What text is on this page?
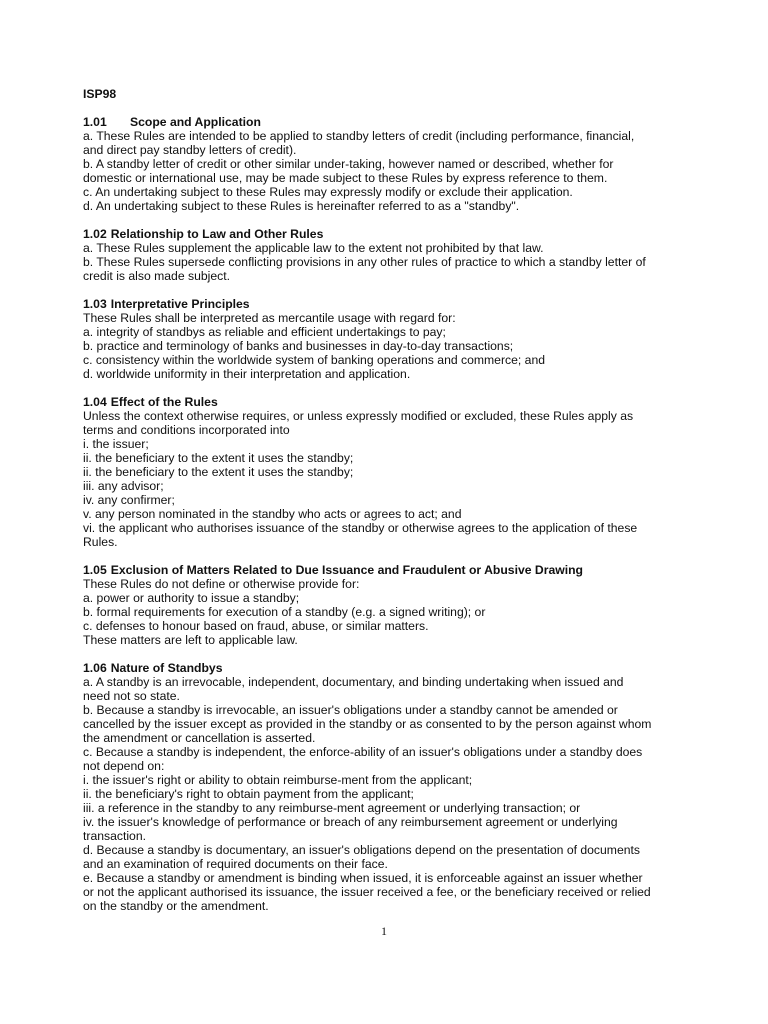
ISP98
1.01 Scope and Application
a. These Rules are intended to be applied to standby letters of credit (including performance, financial,
and direct pay standby letters of credit).
b. A standby letter of credit or other similar under-taking, however named or described, whether for
domestic or international use, may be made subject to these Rules by express reference to them.
c. An undertaking subject to these Rules may expressly modify or exclude their application.
d. An undertaking subject to these Rules is hereinafter referred to as a "standby".
1.02 Relationship to Law and Other Rules
a. These Rules supplement the applicable law to the extent not prohibited by that law.
b. These Rules supersede conflicting provisions in any other rules of practice to which a standby letter of
credit is also made subject.
1.03 Interpretative Principles
These Rules shall be interpreted as mercantile usage with regard for:
a. integrity of standbys as reliable and efficient undertakings to pay;
b. practice and terminology of banks and businesses in day-to-day transactions;
c. consistency within the worldwide system of banking operations and commerce; and
d. worldwide uniformity in their interpretation and application.
1.04 Effect of the Rules
Unless the context otherwise requires, or unless expressly modified or excluded, these Rules apply as
terms and conditions incorporated into
i. the issuer;
ii. the beneficiary to the extent it uses the standby;
ii. the beneficiary to the extent it uses the standby;
iii. any advisor;
iv. any confirmer;
v. any person nominated in the standby who acts or agrees to act; and
vi. the applicant who authorises issuance of the standby or otherwise agrees to the application of these
Rules.
1.05 Exclusion of Matters Related to Due Issuance and Fraudulent or Abusive Drawing
These Rules do not define or otherwise provide for:
a. power or authority to issue a standby;
b. formal requirements for execution of a standby (e.g. a signed writing); or
c. defenses to honour based on fraud, abuse, or similar matters.
These matters are left to applicable law.
1.06 Nature of Standbys
a. A standby is an irrevocable, independent, documentary, and binding undertaking when issued and
need not so state.
b. Because a standby is irrevocable, an issuer's obligations under a standby cannot be amended or
cancelled by the issuer except as provided in the standby or as consented to by the person against whom
the amendment or cancellation is asserted.
c. Because a standby is independent, the enforce-ability of an issuer's obligations under a standby does
not depend on:
i. the issuer's right or ability to obtain reimburse-ment from the applicant;
ii. the beneficiary's right to obtain payment from the applicant;
iii. a reference in the standby to any reimburse-ment agreement or underlying transaction; or
iv. the issuer's knowledge of performance or breach of any reimbursement agreement or underlying
transaction.
d. Because a standby is documentary, an issuer's obligations depend on the presentation of documents
and an examination of required documents on their face.
e. Because a standby or amendment is binding when issued, it is enforceable against an issuer whether
or not the applicant authorised its issuance, the issuer received a fee, or the beneficiary received or relied
on the standby or the amendment.
1
